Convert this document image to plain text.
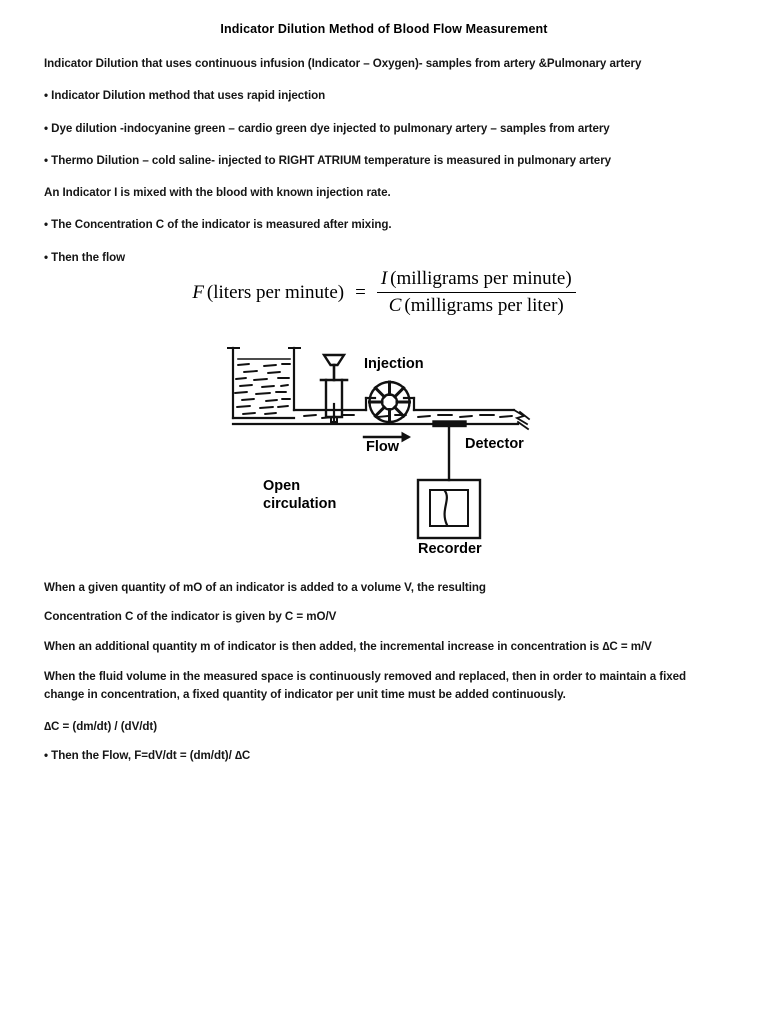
Indicator Dilution Method of Blood Flow Measurement

Indicator Dilution that uses continuous infusion (Indicator – Oxygen)- samples from artery &Pulmonary artery

• Indicator Dilution method that uses rapid injection

• Dye dilution -indocyanine green – cardio green dye injected to pulmonary artery – samples from artery

• Thermo Dilution – cold saline- injected to RIGHT ATRIUM temperature is measured in pulmonary artery

An Indicator I is mixed with the blood with known injection rate.

• The Concentration C of the indicator is measured after mixing.

• Then the flow

F (liters per minute) = $\frac{\text{I (milligrams per minute)}}{\text{C (milligrams per liter)}}$
Injection
Flow	Detector
Open
circulation
Recorder

When a given quantity of mO of an indicator is added to a volume V, the resulting

Concentration C of the indicator is given by C = mO/V

When an additional quantity m of indicator is then added, the incremental increase in concentration is ∆C = m/V

When the fluid volume in the measured space is continuously removed and replaced, then in order to maintain a fixed change in concentration, a fixed quantity of indicator per unit time must be added continuously.

∆C = (dm/dt) / (dV/dt)

• Then the Flow, F=dV/dt = (dm/dt)/ ∆C
